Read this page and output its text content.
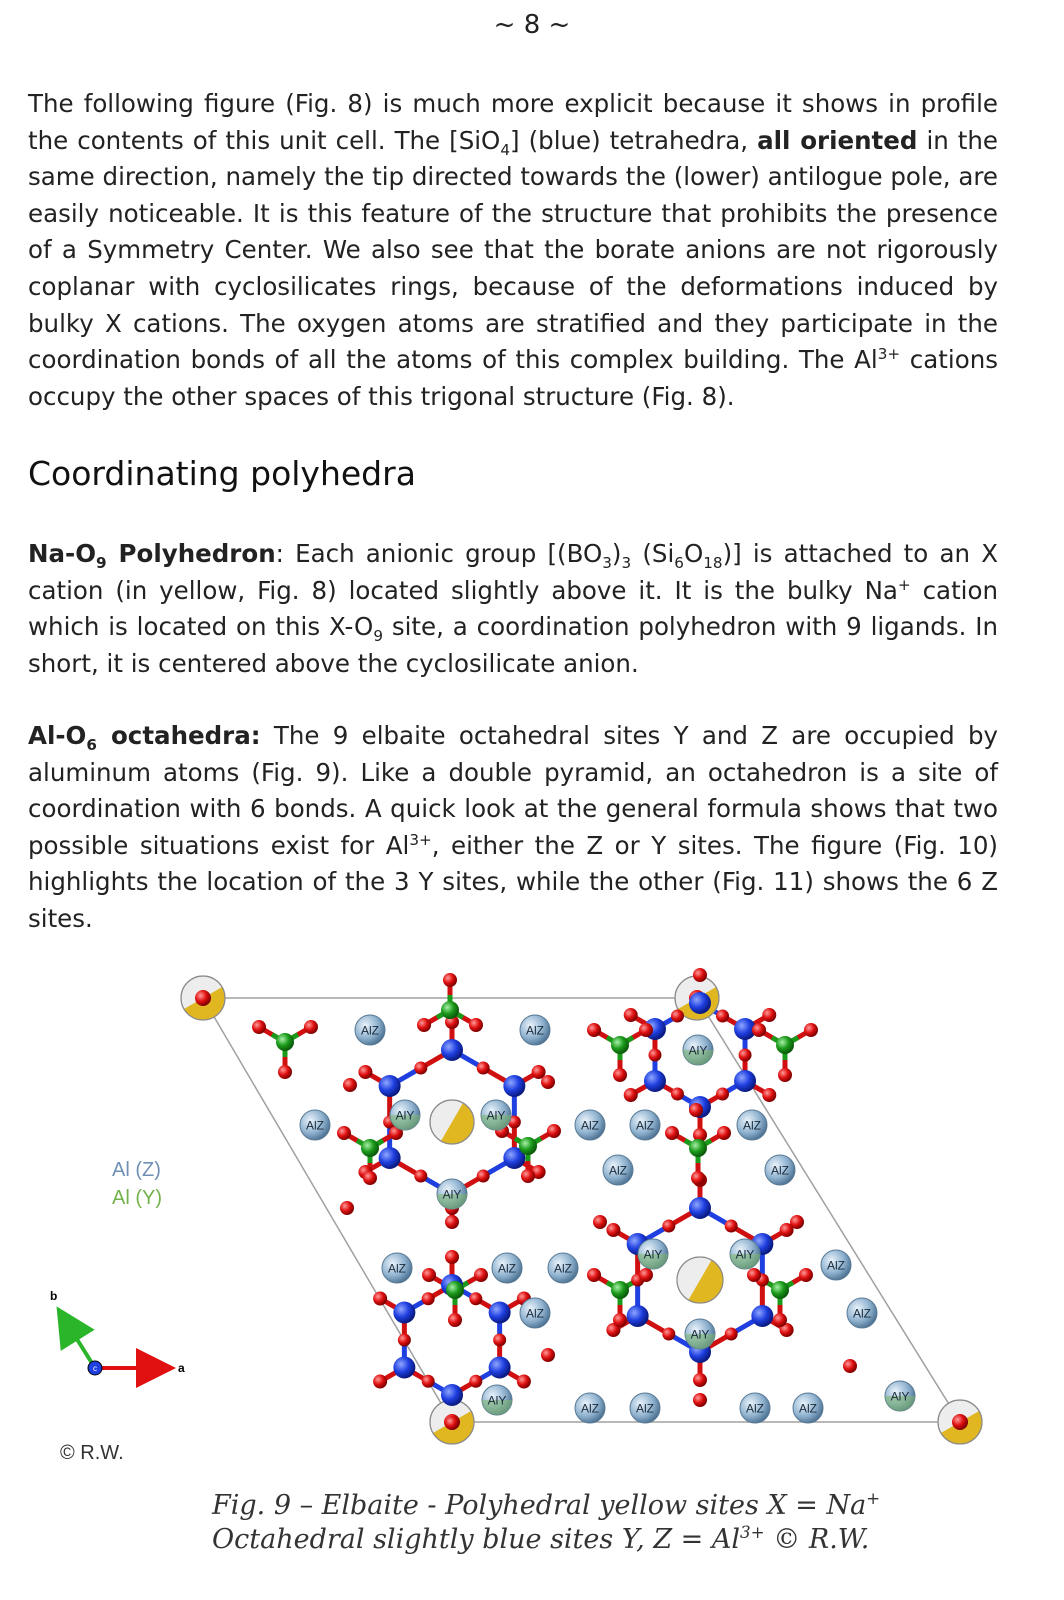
~ 8 ~

The following figure (Fig. 8) is much more explicit because it shows in profile the contents of this unit cell. The [SiO$_4$] (blue) tetrahedra, all oriented in the same direction, namely the tip directed towards the (lower) antilogue pole, are easily noticeable. It is this feature of the structure that prohibits the presence of a Symmetry Center. We also see that the borate anions are not rigorously coplanar with cyclosilicates rings, because of the deformations induced by bulky X cations. The oxygen atoms are stratified and they participate in the coordination bonds of all the atoms of this complex building. The $Al^{3+}$ cations occupy the other spaces of this trigonal structure (Fig. 8).

Coordinating polyhedra

$Na-O_9$ Polyhedron: Each anionic group [$(BO_3)_3$ $(Si_6O_{18})$] is attached to an X cation (in yellow, Fig. 8) located slightly above it. It is the bulky Na+ cation which is located on this $X-O_9$ site, a coordination polyhedron with 9 ligands. In short, it is centered above the cyclosilicate anion.

$Al-O_6$ octahedra: The 9 elbaite octahedral sites Y and Z are occupied by aluminum atoms (Fig. 9). Like a double pyramid, an octahedron is a site of coordination with 6 bonds. A quick look at the general formula shows that two possible situations exist for $Al^{3+}$, either the Z or Y sites. The figure (Fig. 10) highlights the location of the 3 Y sites, while the other (Fig. 11) shows the 6 Z sites.

AlZ	AlZ
AlZ	AlZ	AlZ	AlZ
AlZ	AlZ
AlZ	AlZ	AlZ	AlZ
AlZ	AlZ
AlZ	AlZ	AlZ	AlZ
AlY
AlY	AlY
AlY
AlY	AlY
AlY
AlY	AlY
c
b
a
Al (Z)
Al (Y)
© R.W.
Fig. 9 – Elbaite - Polyhedral yellow sites X = Na+
Octahedral slightly blue sites Y, $Z = Al^{3+}$ © R.W.
